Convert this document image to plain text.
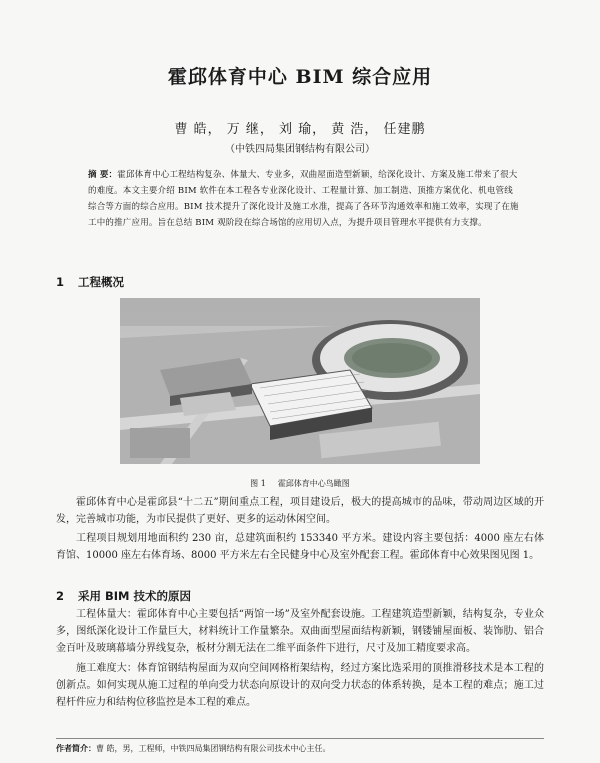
霍邱体育中心 BIM 综合应用
曹 皓， 万 继， 刘 瑜， 黄 浩， 任建鹏
（中铁四局集团钢结构有限公司）
摘 要：霍邱体育中心工程结构复杂、体量大、专业多，双曲屋面造型新颖，给深化设计、方案及施工带来了很大的难度。本文主要介绍 BIM 软件在本工程各专业深化设计、工程量计算、加工制造、顶推方案优化、机电管线综合等方面的综合应用。BIM 技术提升了深化设计及施工水准，提高了各环节沟通效率和施工效率，实现了在施工中的推广应用。旨在总结 BIM 观阶段在综合场馆的应用切入点，为提升项目管理水平提供有力支撑。
1 工程概况
图 1 霍邱体育中心鸟瞰图
霍邱体育中心是霍邱县“十二五”期间重点工程，项目建设后，极大的提高城市的品味，带动周边区域的开发，完善城市功能，为市民提供了更好、更多的运动休闲空间。
工程项目规划用地面积约 230 亩，总建筑面积约 153340 平方米。建设内容主要包括：4000 座左右体育馆、10000 座左右体育场、8000 平方米左右全民健身中心及室外配套工程。霍邱体育中心效果图见图 1。
2 采用 BIM 技术的原因
工程体量大：霍邱体育中心主要包括“两馆一场”及室外配套设施。工程建筑造型新颖，结构复杂，专业众多，图纸深化设计工作量巨大，材料统计工作量繁杂。双曲面型屋面结构新颖，钢镂铺屋面板、装饰肋、铝合金百叶及玻璃幕墙分界线复杂，板材分割无法在二维平面条件下进行，尺寸及加工精度要求高。
施工难度大：体育馆钢结构屋面为双向空间网格桁架结构，经过方案比选采用的顶推滑移技术是本工程的创新点。如何实现从施工过程的单向受力状态向原设计的双向受力状态的体系转换，是本工程的难点；施工过程杆件应力和结构位移监控是本工程的难点。
作者简介：曹 皓，男，工程师，中铁四局集团钢结构有限公司技术中心主任。
